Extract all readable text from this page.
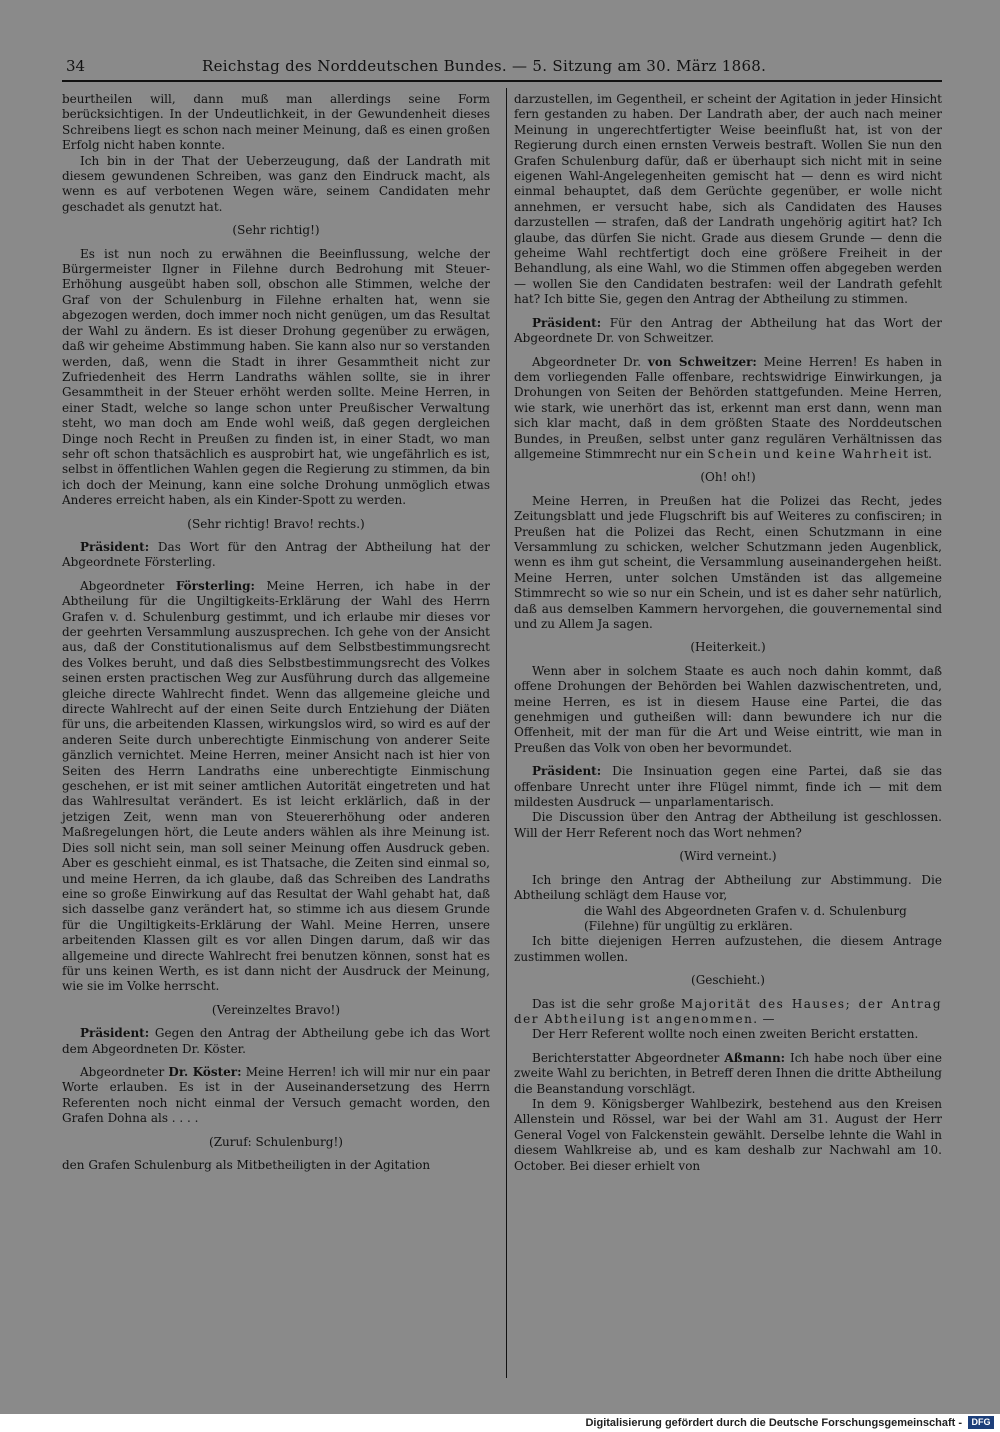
34	Reichstag des Norddeutschen Bundes. — 5. Sitzung am 30. März 1868.

beurtheilen will, dann muß man allerdings seine Form berücksichtigen. In der Undeutlichkeit, in der Gewundenheit dieses Schreibens liegt es schon nach meiner Meinung, daß es einen großen Erfolg nicht haben konnte.

Ich bin in der That der Ueberzeugung, daß der Landrath mit diesem gewundenen Schreiben, was ganz den Eindruck macht, als wenn es auf verbotenen Wegen wäre, seinem Candidaten mehr geschadet als genutzt hat.

(Sehr richtig!)

Es ist nun noch zu erwähnen die Beeinflussung, welche der Bürgermeister Ilgner in Filehne durch Bedrohung mit Steuer-Erhöhung ausgeübt haben soll, obschon alle Stimmen, welche der Graf von der Schulenburg in Filehne erhalten hat, wenn sie abgezogen werden, doch immer noch nicht genügen, um das Resultat der Wahl zu ändern. Es ist dieser Drohung gegenüber zu erwägen, daß wir geheime Abstimmung haben. Sie kann also nur so verstanden werden, daß, wenn die Stadt in ihrer Gesammtheit nicht zur Zufriedenheit des Herrn Landraths wählen sollte, sie in ihrer Gesammtheit in der Steuer erhöht werden sollte. Meine Herren, in einer Stadt, welche so lange schon unter Preußischer Verwaltung steht, wo man doch am Ende wohl weiß, daß gegen dergleichen Dinge noch Recht in Preußen zu finden ist, in einer Stadt, wo man sehr oft schon thatsächlich es ausprobirt hat, wie ungefährlich es ist, selbst in öffentlichen Wahlen gegen die Regierung zu stimmen, da bin ich doch der Meinung, kann eine solche Drohung unmöglich etwas Anderes erreicht haben, als ein Kinder-Spott zu werden.

(Sehr richtig! Bravo! rechts.)

Präsident: Das Wort für den Antrag der Abtheilung hat der Abgeordnete Försterling.

Abgeordneter Försterling: Meine Herren, ich habe in der Abtheilung für die Ungiltigkeits-Erklärung der Wahl des Herrn Grafen v. d. Schulenburg gestimmt, und ich erlaube mir dieses vor der geehrten Versammlung auszusprechen. Ich gehe von der Ansicht aus, daß der Constitutionalismus auf dem Selbstbestimmungsrecht des Volkes beruht, und daß dies Selbstbestimmungsrecht des Volkes seinen ersten practischen Weg zur Ausführung durch das allgemeine gleiche directe Wahlrecht findet. Wenn das allgemeine gleiche und directe Wahlrecht auf der einen Seite durch Entziehung der Diäten für uns, die arbeitenden Klassen, wirkungslos wird, so wird es auf der anderen Seite durch unberechtigte Einmischung von anderer Seite gänzlich vernichtet. Meine Herren, meiner Ansicht nach ist hier von Seiten des Herrn Landraths eine unberechtigte Einmischung geschehen, er ist mit seiner amtlichen Autorität eingetreten und hat das Wahlresultat verändert. Es ist leicht erklärlich, daß in der jetzigen Zeit, wenn man von Steuererhöhung oder anderen Maßregelungen hört, die Leute anders wählen als ihre Meinung ist. Dies soll nicht sein, man soll seiner Meinung offen Ausdruck geben. Aber es geschieht einmal, es ist Thatsache, die Zeiten sind einmal so, und meine Herren, da ich glaube, daß das Schreiben des Landraths eine so große Einwirkung auf das Resultat der Wahl gehabt hat, daß sich dasselbe ganz verändert hat, so stimme ich aus diesem Grunde für die Ungiltigkeits-Erklärung der Wahl. Meine Herren, unsere arbeitenden Klassen gilt es vor allen Dingen darum, daß wir das allgemeine und directe Wahlrecht frei benutzen können, sonst hat es für uns keinen Werth, es ist dann nicht der Ausdruck der Meinung, wie sie im Volke herrscht.

(Vereinzeltes Bravo!)

Präsident: Gegen den Antrag der Abtheilung gebe ich das Wort dem Abgeordneten Dr. Köster.

Abgeordneter Dr. Köster: Meine Herren! ich will mir nur ein paar Worte erlauben. Es ist in der Auseinandersetzung des Herrn Referenten noch nicht einmal der Versuch gemacht worden, den Grafen Dohna als . . . .

(Zuruf: Schulenburg!)

den Grafen Schulenburg als Mitbetheiligten in der Agitation

darzustellen, im Gegentheil, er scheint der Agitation in jeder Hinsicht fern gestanden zu haben. Der Landrath aber, der auch nach meiner Meinung in ungerechtfertigter Weise beeinflußt hat, ist von der Regierung durch einen ernsten Verweis bestraft. Wollen Sie nun den Grafen Schulenburg dafür, daß er überhaupt sich nicht mit in seine eigenen Wahl-Angelegenheiten gemischt hat — denn es wird nicht einmal behauptet, daß dem Gerüchte gegenüber, er wolle nicht annehmen, er versucht habe, sich als Candidaten des Hauses darzustellen — strafen, daß der Landrath ungehörig agitirt hat? Ich glaube, das dürfen Sie nicht. Grade aus diesem Grunde — denn die geheime Wahl rechtfertigt doch eine größere Freiheit in der Behandlung, als eine Wahl, wo die Stimmen offen abgegeben werden — wollen Sie den Candidaten bestrafen: weil der Landrath gefehlt hat? Ich bitte Sie, gegen den Antrag der Abtheilung zu stimmen.

Präsident: Für den Antrag der Abtheilung hat das Wort der Abgeordnete Dr. von Schweitzer.

Abgeordneter Dr. von Schweitzer: Meine Herren! Es haben in dem vorliegenden Falle offenbare, rechtswidrige Einwirkungen, ja Drohungen von Seiten der Behörden stattgefunden. Meine Herren, wie stark, wie unerhört das ist, erkennt man erst dann, wenn man sich klar macht, daß in dem größten Staate des Norddeutschen Bundes, in Preußen, selbst unter ganz regulären Verhältnissen das allgemeine Stimmrecht nur ein Schein und keine Wahrheit ist.

(Oh! oh!)

Meine Herren, in Preußen hat die Polizei das Recht, jedes Zeitungsblatt und jede Flugschrift bis auf Weiteres zu confisciren; in Preußen hat die Polizei das Recht, einen Schutzmann in eine Versammlung zu schicken, welcher Schutzmann jeden Augenblick, wenn es ihm gut scheint, die Versammlung auseinandergehen heißt. Meine Herren, unter solchen Umständen ist das allgemeine Stimmrecht so wie so nur ein Schein, und ist es daher sehr natürlich, daß aus demselben Kammern hervorgehen, die gouvernemental sind und zu Allem Ja sagen.

(Heiterkeit.)

Wenn aber in solchem Staate es auch noch dahin kommt, daß offene Drohungen der Behörden bei Wahlen dazwischentreten, und, meine Herren, es ist in diesem Hause eine Partei, die das genehmigen und gutheißen will: dann bewundere ich nur die Offenheit, mit der man für die Art und Weise eintritt, wie man in Preußen das Volk von oben her bevormundet.

Präsident: Die Insinuation gegen eine Partei, daß sie das offenbare Unrecht unter ihre Flügel nimmt, finde ich — mit dem mildesten Ausdruck — unparlamentarisch.

Die Discussion über den Antrag der Abtheilung ist geschlossen. Will der Herr Referent noch das Wort nehmen?

(Wird verneint.)

Ich bringe den Antrag der Abtheilung zur Abstimmung. Die Abtheilung schlägt dem Hause vor,

die Wahl des Abgeordneten Grafen v. d. Schulenburg (Filehne) für ungültig zu erklären.

Ich bitte diejenigen Herren aufzustehen, die diesem Antrage zustimmen wollen.

(Geschieht.)

Das ist die sehr große Majorität des Hauses; der Antrag der Abtheilung ist angenommen. —

Der Herr Referent wollte noch einen zweiten Bericht erstatten.

Berichterstatter Abgeordneter Aßmann: Ich habe noch über eine zweite Wahl zu berichten, in Betreff deren Ihnen die dritte Abtheilung die Beanstandung vorschlägt.

In dem 9. Königsberger Wahlbezirk, bestehend aus den Kreisen Allenstein und Rössel, war bei der Wahl am 31. August der Herr General Vogel von Falckenstein gewählt. Derselbe lehnte die Wahl in diesem Wahlkreise ab, und es kam deshalb zur Nachwahl am 10. October. Bei dieser erhielt von

Digitalisierung gefördert durch die Deutsche Forschungsgemeinschaft -	DFG
